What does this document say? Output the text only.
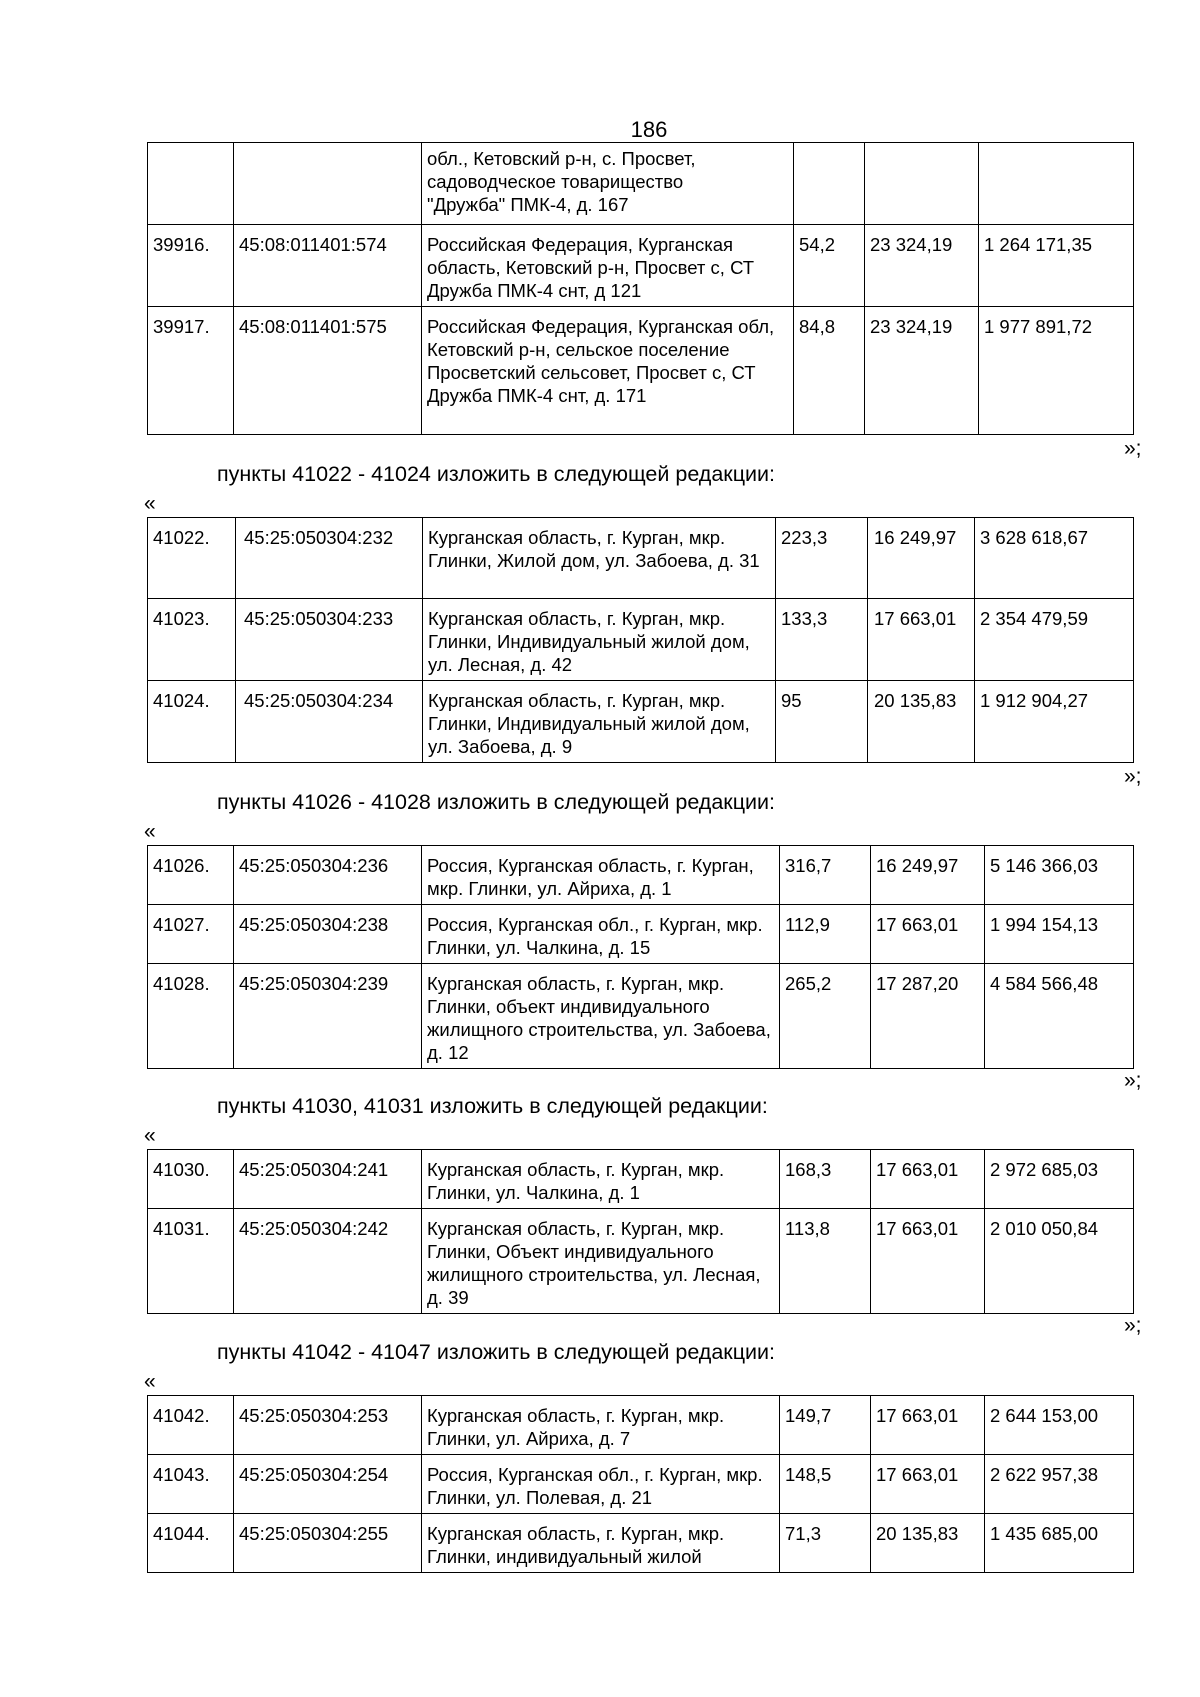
186
		обл., Кетовский р-н, с. Просвет,
садоводческое товарищество
"Дружба" ПМК-4, д. 167			
39916.	45:08:011401:574	Российская Федерация, Курганская область, Кетовский р-н, Просвет с, СТ Дружба ПМК-4 снт, д 121	54,2	23 324,19	1 264 171,35
39917.	45:08:011401:575	Российская Федерация, Курганская обл, Кетовский р-н, сельское поселение Просветский сельсовет, Просвет с, СТ Дружба ПМК-4 снт, д. 171	84,8	23 324,19	1 977 891,72
»;
пункты 41022 - 41024 изложить в следующей редакции:
«
41022.	45:25:050304:232	Курганская область, г. Курган, мкр. Глинки, Жилой дом, ул. Забоева, д. 31	223,3	16 249,97	3 628 618,67
41023.	45:25:050304:233	Курганская область, г. Курган, мкр. Глинки, Индивидуальный жилой дом, ул. Лесная, д. 42	133,3	17 663,01	2 354 479,59
41024.	45:25:050304:234	Курганская область, г. Курган, мкр. Глинки, Индивидуальный жилой дом, ул. Забоева, д. 9	95	20 135,83	1 912 904,27
»;
пункты 41026 - 41028 изложить в следующей редакции:
«
41026.	45:25:050304:236	Россия, Курганская область, г. Курган, мкр. Глинки, ул. Айриха, д. 1	316,7	16 249,97	5 146 366,03
41027.	45:25:050304:238	Россия, Курганская обл., г. Курган, мкр. Глинки, ул. Чалкина, д. 15	112,9	17 663,01	1 994 154,13
41028.	45:25:050304:239	Курганская область, г. Курган, мкр. Глинки, объект индивидуального жилищного строительства, ул. Забоева, д. 12	265,2	17 287,20	4 584 566,48
»;
пункты 41030, 41031 изложить в следующей редакции:
«
41030.	45:25:050304:241	Курганская область, г. Курган, мкр. Глинки, ул. Чалкина, д. 1	168,3	17 663,01	2 972 685,03
41031.	45:25:050304:242	Курганская область, г. Курган, мкр. Глинки, Объект индивидуального жилищного строительства, ул. Лесная, д. 39	113,8	17 663,01	2 010 050,84
»;
пункты 41042 - 41047 изложить в следующей редакции:
«
41042.	45:25:050304:253	Курганская область, г. Курган, мкр. Глинки, ул. Айриха, д. 7	149,7	17 663,01	2 644 153,00
41043.	45:25:050304:254	Россия, Курганская обл., г. Курган, мкр. Глинки, ул. Полевая, д. 21	148,5	17 663,01	2 622 957,38
41044.	45:25:050304:255	Курганская область, г. Курган, мкр. Глинки, индивидуальный жилой	71,3	20 135,83	1 435 685,00
